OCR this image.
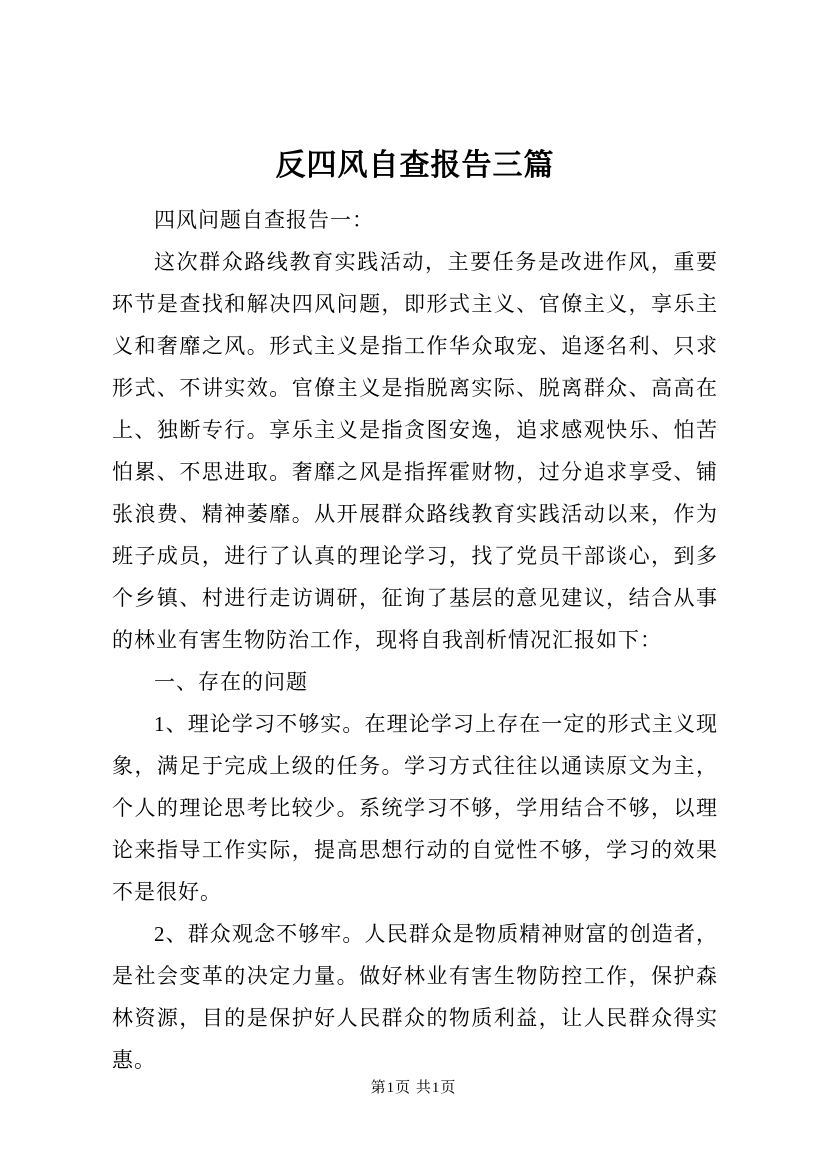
反四风自查报告三篇

四风问题自查报告一：

这次群众路线教育实践活动，主要任务是改进作风，重要环节是查找和解决四风问题，即形式主义、官僚主义，享乐主义和奢靡之风。形式主义是指工作华众取宠、追逐名利、只求形式、不讲实效。官僚主义是指脱离实际、脱离群众、高高在上、独断专行。享乐主义是指贪图安逸，追求感观快乐、怕苦怕累、不思进取。奢靡之风是指挥霍财物，过分追求享受、铺张浪费、精神萎靡。从开展群众路线教育实践活动以来，作为班子成员，进行了认真的理论学习，找了党员干部谈心，到多个乡镇、村进行走访调研，征询了基层的意见建议，结合从事的林业有害生物防治工作，现将自我剖析情况汇报如下：

一、存在的问题

1、理论学习不够实。在理论学习上存在一定的形式主义现象，满足于完成上级的任务。学习方式往往以通读原文为主，个人的理论思考比较少。系统学习不够，学用结合不够，以理论来指导工作实际，提高思想行动的自觉性不够，学习的效果不是很好。

2、群众观念不够牢。人民群众是物质精神财富的创造者，是社会变革的决定力量。做好林业有害生物防控工作，保护森林资源，目的是保护好人民群众的物质利益，让人民群众得实惠。

第1页 共1页
